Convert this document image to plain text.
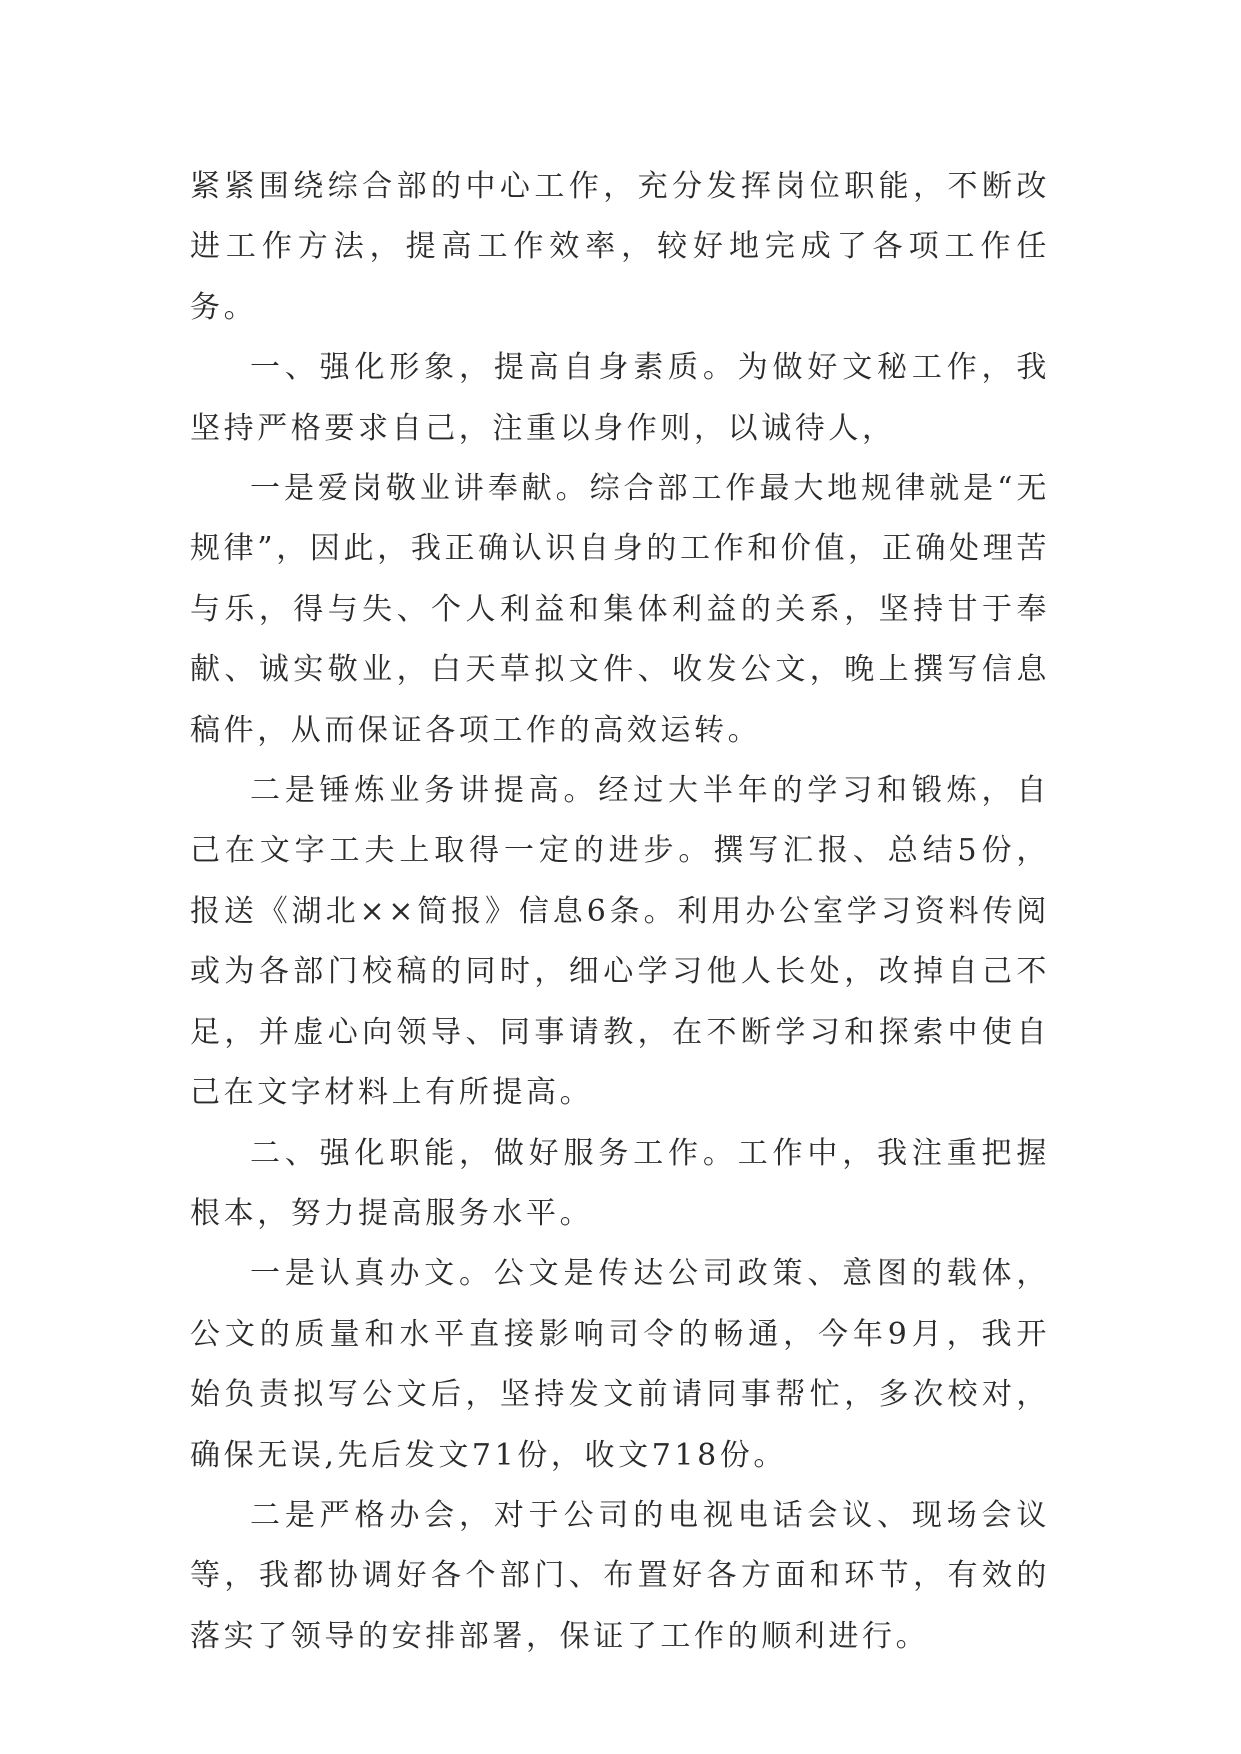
紧紧围绕综合部的中心工作，充分发挥岗位职能，不断改进工作方法，提高工作效率，较好地完成了各项工作任务。

一、强化形象，提高自身素质。为做好文秘工作，我坚持严格要求自己，注重以身作则，以诚待人，

一是爱岗敬业讲奉献。综合部工作最大地规律就是“无规律”，因此，我正确认识自身的工作和价值，正确处理苦与乐，得与失、个人利益和集体利益的关系，坚持甘于奉献、诚实敬业，白天草拟文件、收发公文，晚上撰写信息稿件，从而保证各项工作的高效运转。

二是锤炼业务讲提高。经过大半年的学习和锻炼，自己在文字工夫上取得一定的进步。撰写汇报、总结5份，报送《湖北××简报》信息6条。利用办公室学习资料传阅或为各部门校稿的同时，细心学习他人长处，改掉自己不足，并虚心向领导、同事请教，在不断学习和探索中使自己在文字材料上有所提高。

二、强化职能，做好服务工作。工作中，我注重把握根本，努力提高服务水平。

一是认真办文。公文是传达公司政策、意图的载体，公文的质量和水平直接影响司令的畅通，今年9月，我开始负责拟写公文后，坚持发文前请同事帮忙，多次校对，确保无误,先后发文71份，收文718份。

二是严格办会，对于公司的电视电话会议、现场会议等，我都协调好各个部门、布置好各方面和环节，有效的落实了领导的安排部署，保证了工作的顺利进行。
